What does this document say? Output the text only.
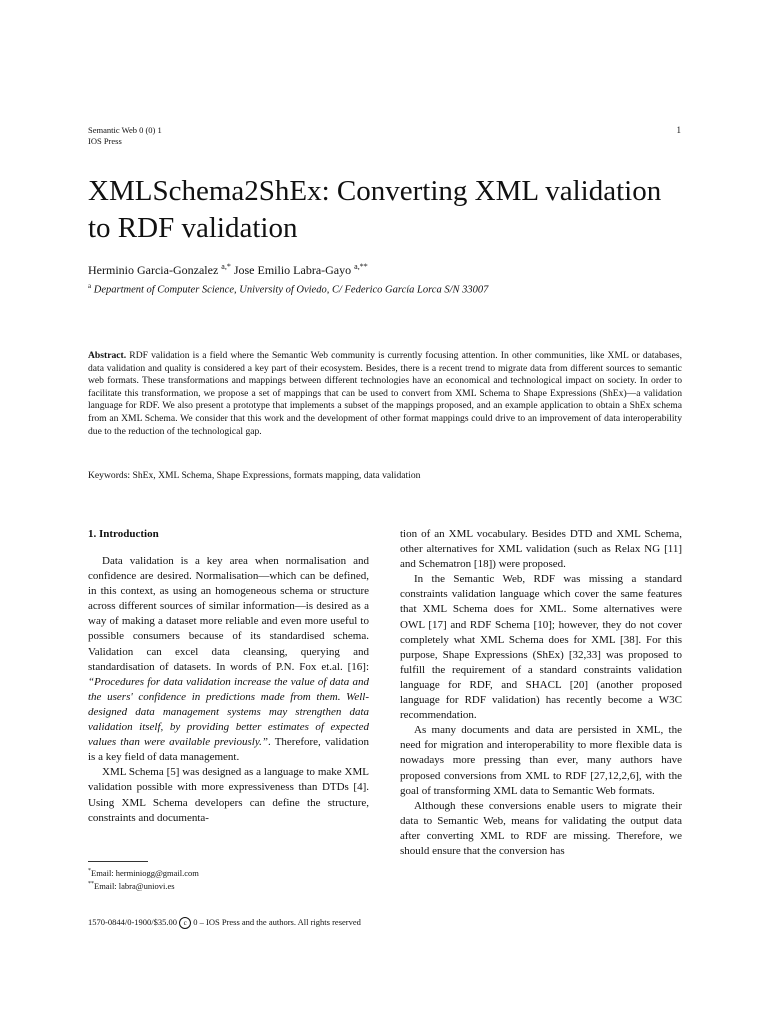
Semantic Web 0 (0) 1
IOS Press
1
XMLSchema2ShEx: Converting XML validation to RDF validation
Herminio Garcia-Gonzalez $^{a,*}$ Jose Emilio Labra-Gayo $^{a,**}$
$^a$ Department of Computer Science, University of Oviedo, C/ Federico García Lorca S/N 33007
Abstract. RDF validation is a field where the Semantic Web community is currently focusing attention. In other communities, like XML or databases, data validation and quality is considered a key part of their ecosystem. Besides, there is a recent trend to migrate data from different sources to semantic web formats. These transformations and mappings between different technologies have an economical and technological impact on society. In order to facilitate this transformation, we propose a set of mappings that can be used to convert from XML Schema to Shape Expressions (ShEx)—a validation language for RDF. We also present a prototype that implements a subset of the mappings proposed, and an example application to obtain a ShEx schema from an XML Schema. We consider that this work and the development of other format mappings could drive to an improvement of data interoperability due to the reduction of the technological gap.
Keywords: ShEx, XML Schema, Shape Expressions, formats mapping, data validation
1. Introduction

Data validation is a key area when normalisation and confidence are desired. Normalisation—which can be defined, in this context, as using an homogeneous schema or structure across different sources of similar information—is desired as a way of making a dataset more reliable and even more useful to possible consumers because of its standardised schema. Validation can excel data cleansing, querying and standardisation of datasets. In words of P.N. Fox et.al. [16]: “Procedures for data validation increase the value of data and the users' confidence in predictions made from them. Well-designed data management systems may strengthen data validation itself, by providing better estimates of expected values than were available previously.”. Therefore, validation is a key field of data management.

XML Schema [5] was designed as a language to make XML validation possible with more expressiveness than DTDs [4]. Using XML Schema developers can define the structure, constraints and documenta-

tion of an XML vocabulary. Besides DTD and XML Schema, other alternatives for XML validation (such as Relax NG [11] and Schematron [18]) were proposed.

In the Semantic Web, RDF was missing a standard constraints validation language which cover the same features that XML Schema does for XML. Some alternatives were OWL [17] and RDF Schema [10]; however, they do not cover completely what XML Schema does for XML [38]. For this purpose, Shape Expressions (ShEx) [32,33] was proposed to fulfill the requirement of a standard constraints validation language for RDF, and SHACL [20] (another proposed language for RDF validation) has recently become a W3C recommendation.

As many documents and data are persisted in XML, the need for migration and interoperability to more flexible data is nowadays more pressing than ever, many authors have proposed conversions from XML to RDF [27,12,2,6], with the goal of transforming XML data to Semantic Web formats.

Although these conversions enable users to migrate their data to Semantic Web, means for validating the output data after converting XML to RDF are missing. Therefore, we should ensure that the conversion has

*Email: herminiogg@gmail.com
**Email: labra@uniovi.es
1570-0844/0-1900/$35.00 c 0 – IOS Press and the authors. All rights reserved
